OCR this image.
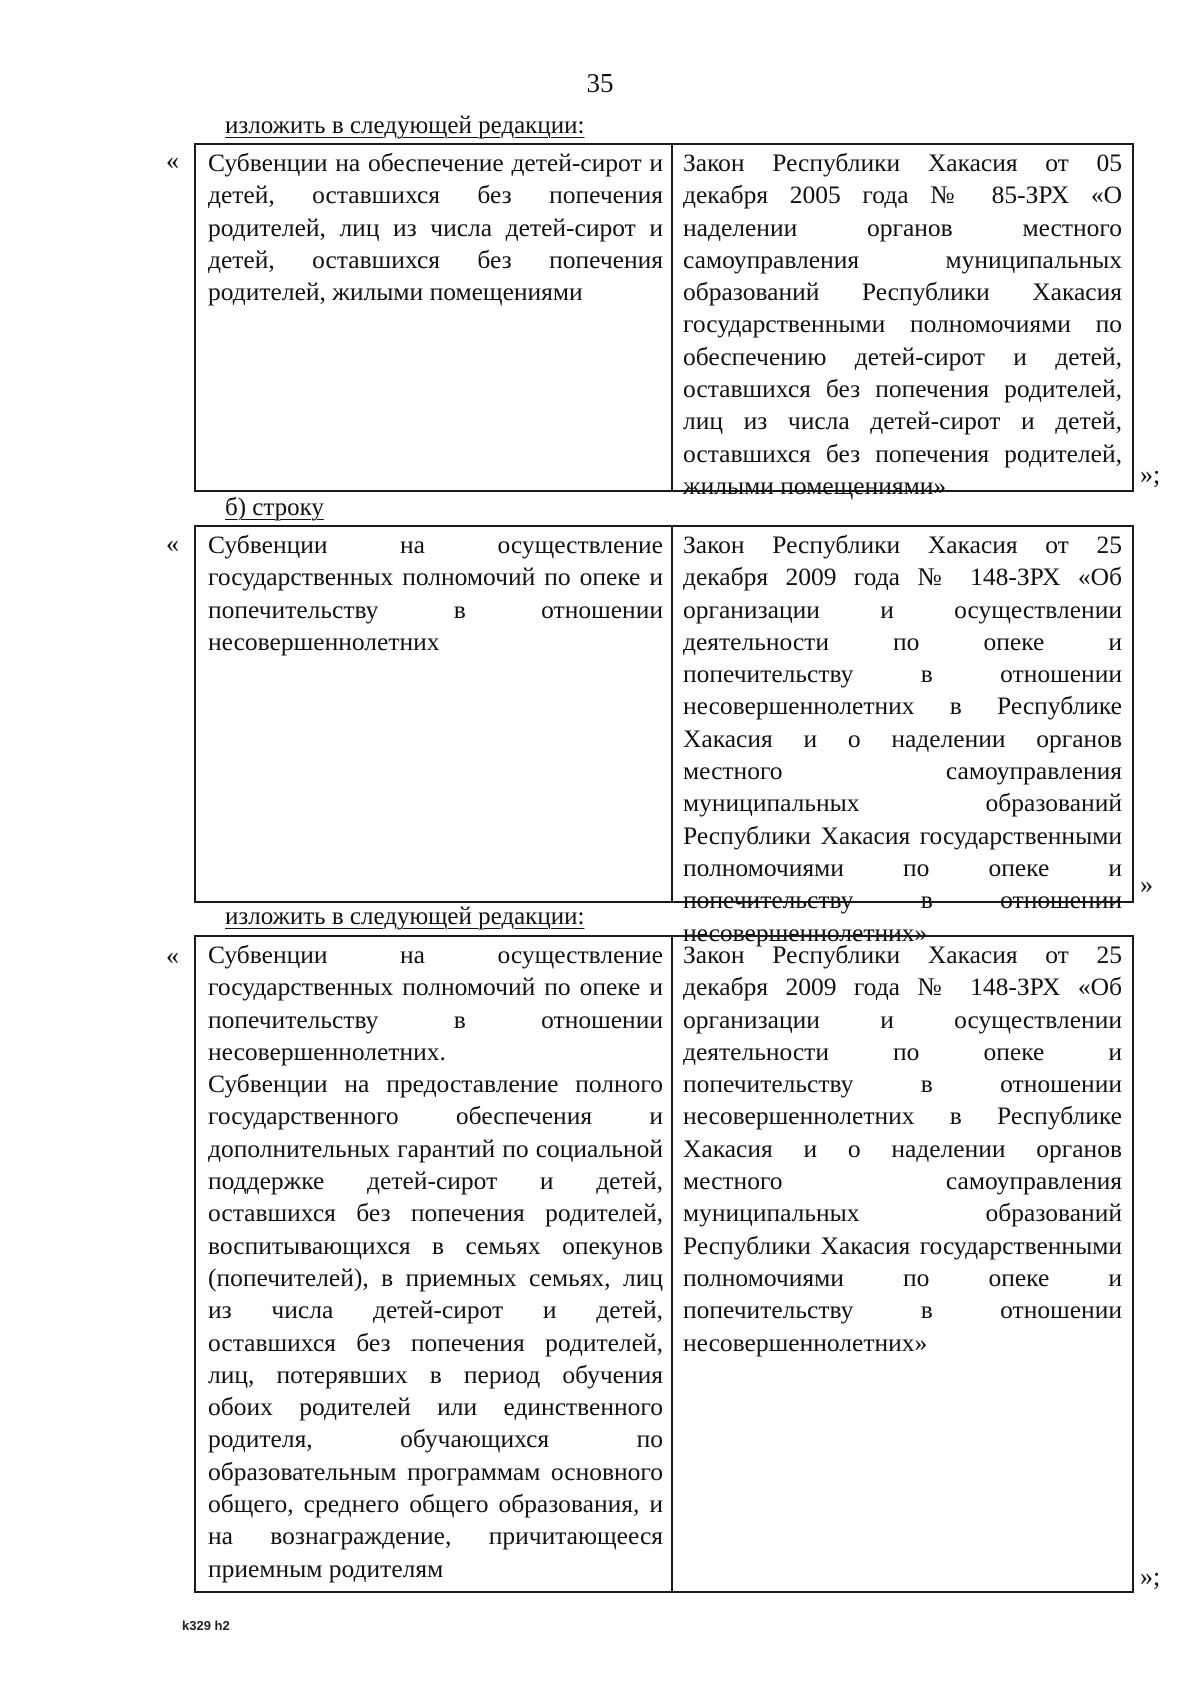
35
изложить в следующей редакции:
« Субвенции на обеспечение детей-сирот и детей, оставшихся без попечения родителей, лиц из числа детей-сирот и детей, оставшихся без попечения родителей, жилыми помещениями

Закон Республики Хакасия от 05 декабря 2005 года № 85-ЗРХ «О наделении органов местного самоуправления муниципальных образований Республики Хакасия государственными полномочиями по обеспечению детей-сирот и детей, оставшихся без попечения родителей, лиц из числа детей-сирот и детей, оставшихся без попечения родителей, жилыми помещениями»	»;
б) строку
« Субвенции на осуществление государственных полномочий по опеке и попечительству в отношении несовершеннолетних

Закон Республики Хакасия от 25 декабря 2009 года № 148-ЗРХ «Об организации и осуществлении деятельности по опеке и попечительству в отношении несовершеннолетних в Республике Хакасия и о наделении органов местного самоуправления муниципальных образований Республики Хакасия государственными полномочиями по опеке и попечительству в отношении несовершеннолетних»

»
изложить в следующей редакции:
« Субвенции на осуществление государственных полномочий по опеке и попечительству в отношении несовершеннолетних.

Субвенции на предоставление полного государственного обеспечения и дополнительных гарантий по социальной поддержке детей-сирот и детей, оставшихся без попечения родителей, воспитывающихся в семьях опекунов (попечителей), в приемных семьях, лиц из числа детей-сирот и детей, оставшихся без попечения родителей, лиц, потерявших в период обучения обоих родителей или единственного родителя, обучающихся по образовательным программам основного общего, среднего общего образования, и на вознаграждение, причитающееся приемным родителям

Закон Республики Хакасия от 25 декабря 2009 года № 148-ЗРХ «Об организации и осуществлении деятельности по опеке и попечительству в отношении несовершеннолетних в Республике Хакасия и о наделении органов местного самоуправления муниципальных образований Республики Хакасия государственными полномочиями по опеке и попечительству в отношении несовершеннолетних»

»;
k329 h2
